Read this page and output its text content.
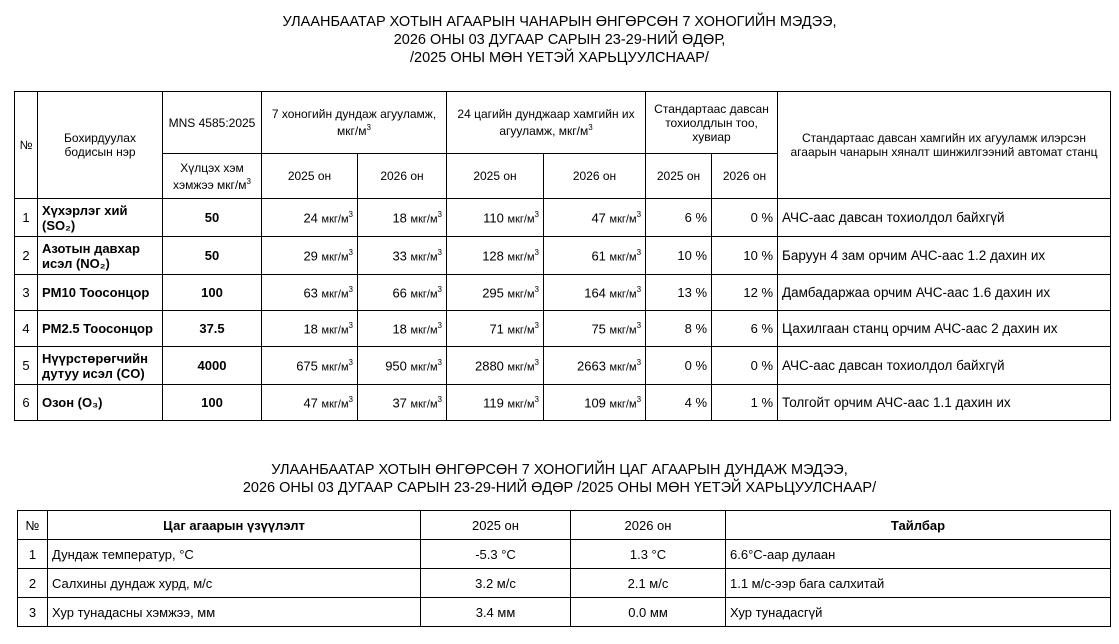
УЛААНБААТАР ХОТЫН АГААРЫН ЧАНАРЫН ӨНГӨРСӨН 7 ХОНОГИЙН МЭДЭЭ,
2026 ОНЫ 03 ДУГААР САРЫН 23-29-НИЙ ӨДӨР,
/2025 ОНЫ МӨН ҮЕТЭЙ ХАРЬЦУУЛСНААР/
№	Бохирдуулах бодисын нэр	MNS 4585:2025	7 хоногийн дундаж агууламж, мкг/$м^3$		24 цагийн дунджаар хамгийн их агууламж, мкг/$м^3$		Стандартаас давсан тохиолдлын тоо, хувиар		Стандартаас давсан хамгийн их агууламж илэрсэн агаарын чанарын хяналт шинжилгээний автомат станц
		Хүлцэх хэм хэмжээ мкг/$м^3$	2025 он	2026 он	2025 он	2026 он	2025 он	2026 он	
1	Хүхэрлэг хий (SO₂)	50	24 мкг/$м^3$	18 мкг/$м^3$	110 мкг/$м^3$	47 мкг/$м^3$	6 %	0 %	АЧС-аас давсан тохиолдол байхгүй
2	Азотын давхар исэл (NO₂)	50	29 мкг/$м^3$	33 мкг/$м^3$	128 мкг/$м^3$	61 мкг/$м^3$	10 %	10 %	Баруун 4 зам орчим АЧС-аас 1.2 дахин их
3	PM10 Тоосонцор	100	63 мкг/$м^3$	66 мкг/$м^3$	295 мкг/$м^3$	164 мкг/$м^3$	13 %	12 %	Дамбадаржаа орчим АЧС-аас 1.6 дахин их
4	PM2.5 Тоосонцор	37.5	18 мкг/$м^3$	18 мкг/$м^3$	71 мкг/$м^3$	75 мкг/$м^3$	8 %	6 %	Цахилгаан станц орчим АЧС-аас 2 дахин их
5	Нүүрстөрөгчийн дутуу исэл (CO)	4000	675 мкг/$м^3$	950 мкг/$м^3$	2880 мкг/$м^3$	2663 мкг/$м^3$	0 %	0 %	АЧС-аас давсан тохиолдол байхгүй
6	Озон (O₃)	100	47 мкг/$м^3$	37 мкг/$м^3$	119 мкг/$м^3$	109 мкг/$м^3$	4 %	1 %	Толгойт орчим АЧС-аас 1.1 дахин их
УЛААНБААТАР ХОТЫН ӨНГӨРСӨН 7 ХОНОГИЙН ЦАГ АГААРЫН ДУНДАЖ МЭДЭЭ,
2026 ОНЫ 03 ДУГААР САРЫН 23-29-НИЙ ӨДӨР /2025 ОНЫ МӨН ҮЕТЭЙ ХАРЬЦУУЛСНААР/
№	Цаг агаарын үзүүлэлт	2025 он	2026 он	Тайлбар
1	Дундаж температур, °С	-5.3 °С	1.3 °С	6.6°С-аар дулаан
2	Салхины дундаж хурд, м/с	3.2 м/с	2.1 м/с	1.1 м/с-ээр бага салхитай
3	Хур тунадасны хэмжээ, мм	3.4 мм	0.0 мм	Хур тунадасгүй
